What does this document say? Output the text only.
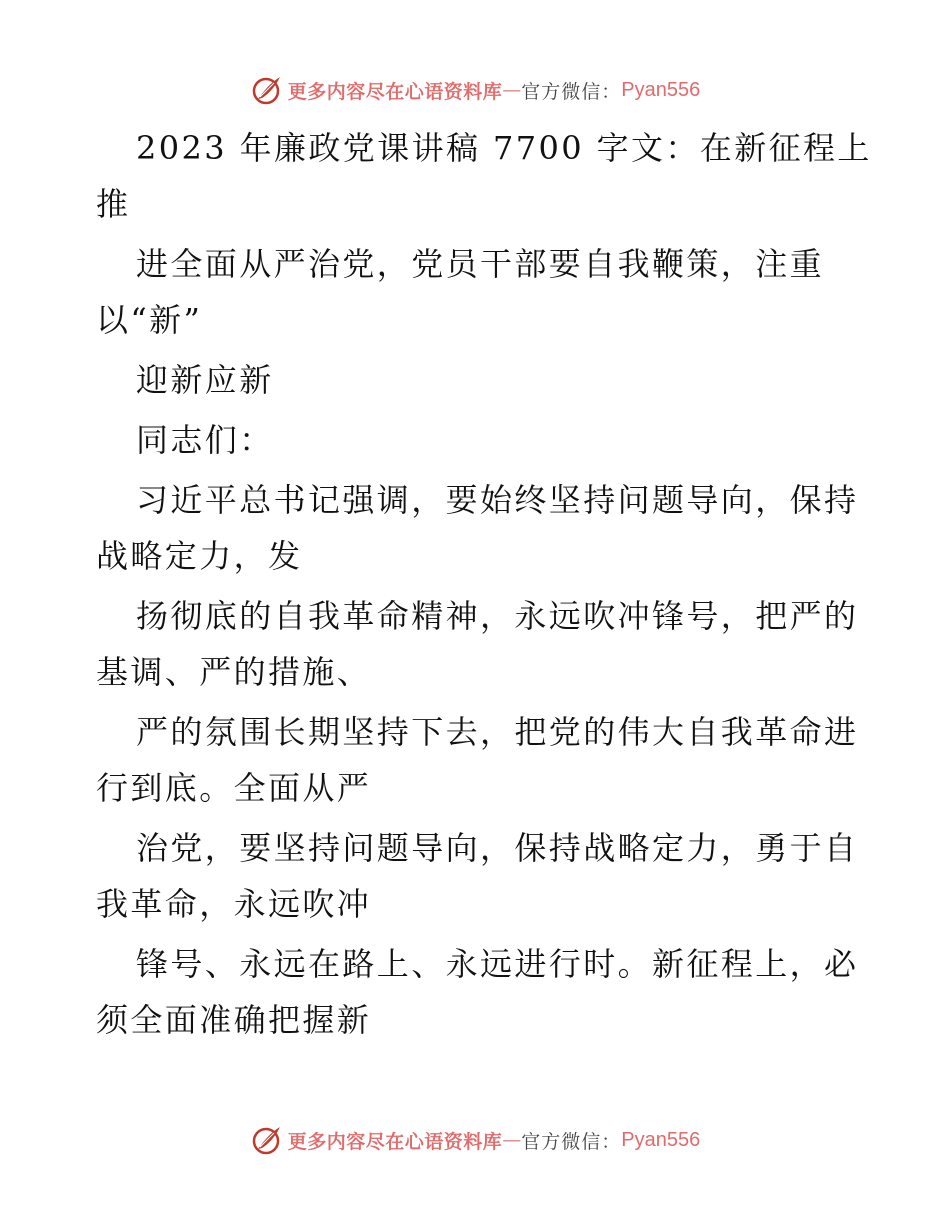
更多内容尽在心语资料库 — 官方微信： Pyan556
2023 年廉政党课讲稿 7700 字文：在新征程上
推
进全面从严治党，党员干部要自我鞭策，注重
以“新”
迎新应新
同志们：
习近平总书记强调，要始终坚持问题导向，保持
战略定力，发
扬彻底的自我革命精神，永远吹冲锋号，把严的
基调、严的措施、
严的氛围长期坚持下去，把党的伟大自我革命进
行到底。全面从严
治党，要坚持问题导向，保持战略定力，勇于自
我革命，永远吹冲
锋号、永远在路上、永远进行时。新征程上，必
须全面准确把握新
更多内容尽在心语资料库 — 官方微信： Pyan556
